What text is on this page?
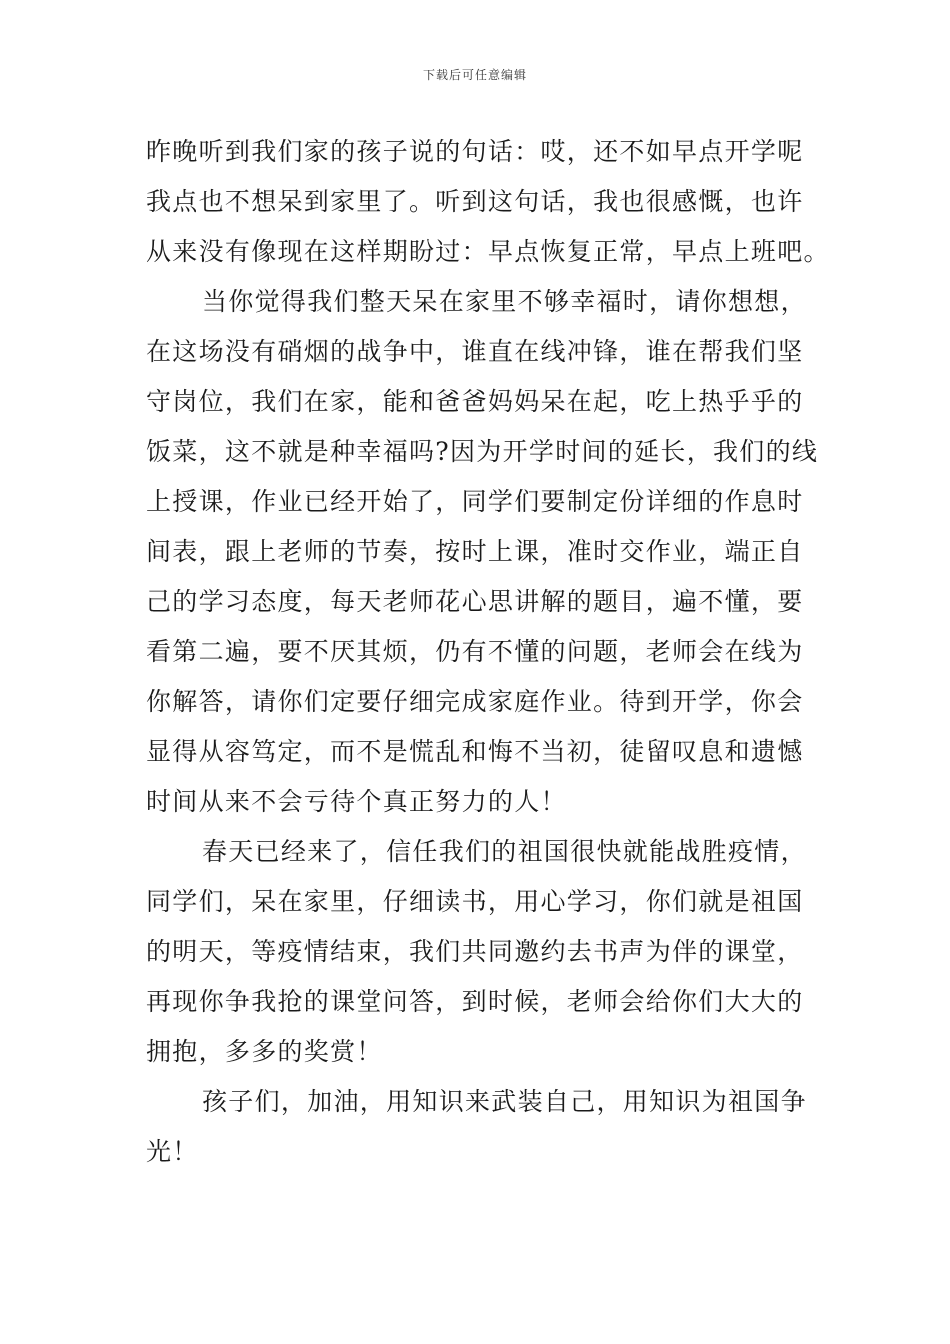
下载后可任意编辑
昨晚听到我们家的孩子说的句话：哎，还不如早点开学呢
我点也不想呆到家里了。听到这句话，我也很感慨，也许
从来没有像现在这样期盼过：早点恢复正常，早点上班吧。
当你觉得我们整天呆在家里不够幸福时，请你想想，
在这场没有硝烟的战争中，谁直在线冲锋，谁在帮我们坚
守岗位，我们在家，能和爸爸妈妈呆在起，吃上热乎乎的
饭菜，这不就是种幸福吗?因为开学时间的延长，我们的线
上授课，作业已经开始了，同学们要制定份详细的作息时
间表，跟上老师的节奏，按时上课，准时交作业，端正自
己的学习态度，每天老师花心思讲解的题目，遍不懂，要
看第二遍，要不厌其烦，仍有不懂的问题，老师会在线为
你解答，请你们定要仔细完成家庭作业。待到开学，你会
显得从容笃定，而不是慌乱和悔不当初，徒留叹息和遗憾
时间从来不会亏待个真正努力的人！
春天已经来了，信任我们的祖国很快就能战胜疫情，
同学们，呆在家里，仔细读书，用心学习，你们就是祖国
的明天，等疫情结束，我们共同邀约去书声为伴的课堂，
再现你争我抢的课堂问答，到时候，老师会给你们大大的
拥抱，多多的奖赏！
孩子们，加油，用知识来武装自己，用知识为祖国争
光！
